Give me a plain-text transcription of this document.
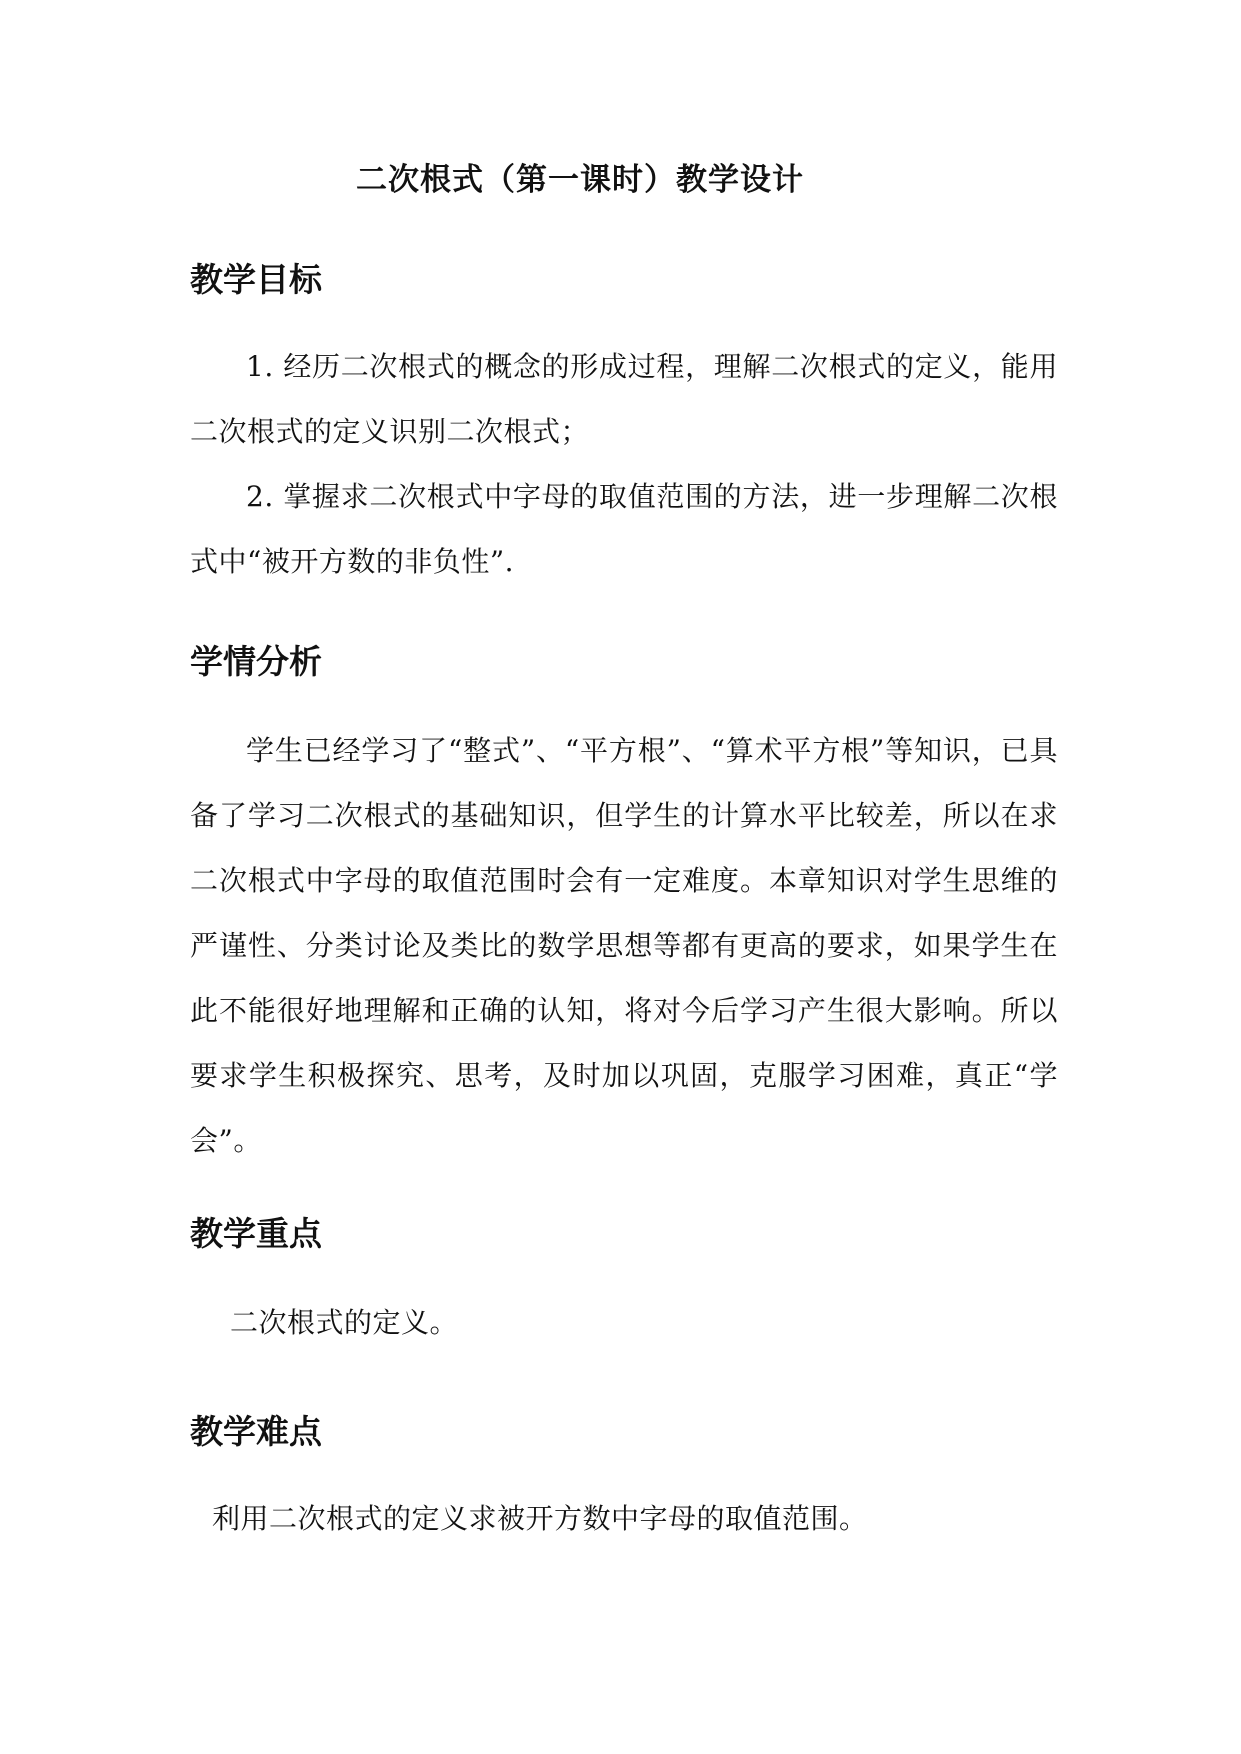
二次根式（第一课时）教学设计
教学目标

1. 经历二次根式的概念的形成过程，理解二次根式的定义，能用二次根式的定义识别二次根式；

2. 掌握求二次根式中字母的取值范围的方法，进一步理解二次根式中“被开方数的非负性”.

学情分析

学生已经学习了“整式”、“平方根”、“算术平方根”等知识，已具备了学习二次根式的基础知识，但学生的计算水平比较差，所以在求二次根式中字母的取值范围时会有一定难度。本章知识对学生思维的严谨性、分类讨论及类比的数学思想等都有更高的要求，如果学生在此不能很好地理解和正确的认知，将对今后学习产生很大影响。所以要求学生积极探究、思考，及时加以巩固，克服学习困难，真正“学会”。

教学重点

二次根式的定义。

教学难点

利用二次根式的定义求被开方数中字母的取值范围。
